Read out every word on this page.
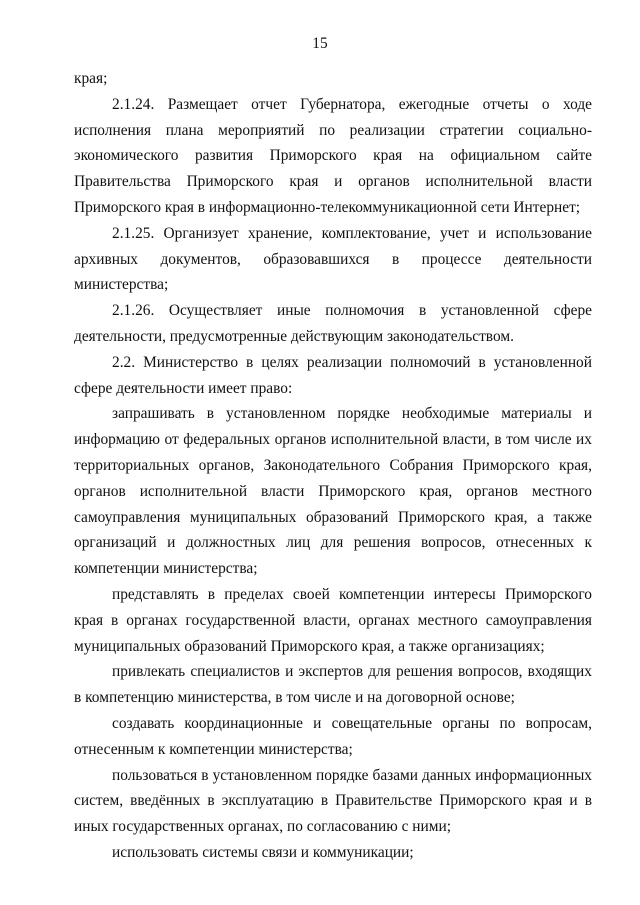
15

края;

2.1.24. Размещает отчет Губернатора, ежегодные отчеты о ходе исполнения плана мероприятий по реализации стратегии социально-экономического развития Приморского края на официальном сайте Правительства Приморского края и органов исполнительной власти Приморского края в информационно-телекоммуникационной сети Интернет;

2.1.25. Организует хранение, комплектование, учет и использование архивных документов, образовавшихся в процессе деятельности министерства;

2.1.26. Осуществляет иные полномочия в установленной сфере деятельности, предусмотренные действующим законодательством.

2.2. Министерство в целях реализации полномочий в установленной сфере деятельности имеет право:

запрашивать в установленном порядке необходимые материалы и информацию от федеральных органов исполнительной власти, в том числе их территориальных органов, Законодательного Собрания Приморского края, органов исполнительной власти Приморского края, органов местного самоуправления муниципальных образований Приморского края, а также организаций и должностных лиц для решения вопросов, отнесенных к компетенции министерства;

представлять в пределах своей компетенции интересы Приморского края в органах государственной власти, органах местного самоуправления муниципальных образований Приморского края, а также организациях;

привлекать специалистов и экспертов для решения вопросов, входящих в компетенцию министерства, в том числе и на договорной основе;

создавать координационные и совещательные органы по вопросам, отнесенным к компетенции министерства;

пользоваться в установленном порядке базами данных информационных систем, введённых в эксплуатацию в Правительстве Приморского края и в иных государственных органах, по согласованию с ними;

использовать системы связи и коммуникации;
